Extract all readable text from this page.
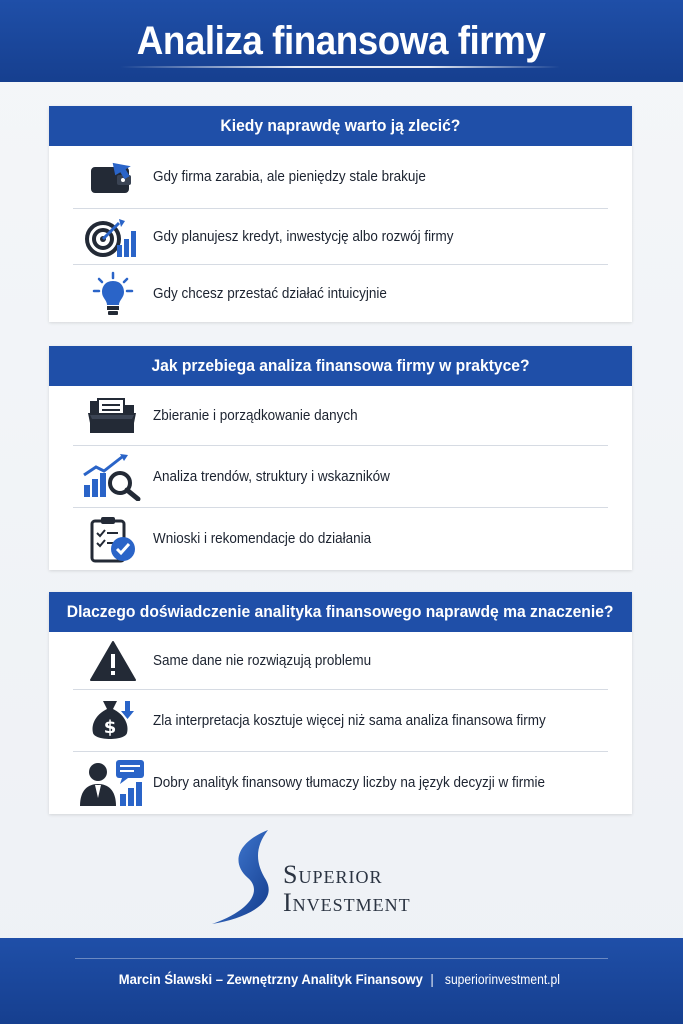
Analiza finansowa firmy
Kiedy naprawdę warto ją zlecić?
Gdy firma zarabia, ale pieniędzy stale brakuje
Gdy planujesz kredyt, inwestycję albo rozwój firmy
Gdy chcesz przestać działać intuicyjnie
Jak przebiega analiza finansowa firmy w praktyce?
Zbieranie i porządkowanie danych
Analiza trendów, struktury i wskazników
Wnioski i rekomendacje do działania
Dlaczego doświadczenie analityka finansowego naprawdę ma znaczenie?
Same dane nie rozwiązują problemu
$	Zla interpretacja kosztuje więcej niż sama analiza finansowa firmy
Dobry analityk finansowy tłumaczy liczby na język decyzji w firmie
Superior
Investment
Marcin Ślawski – Zewnętrzny Analityk Finansowy | superiorinvestment.pl
